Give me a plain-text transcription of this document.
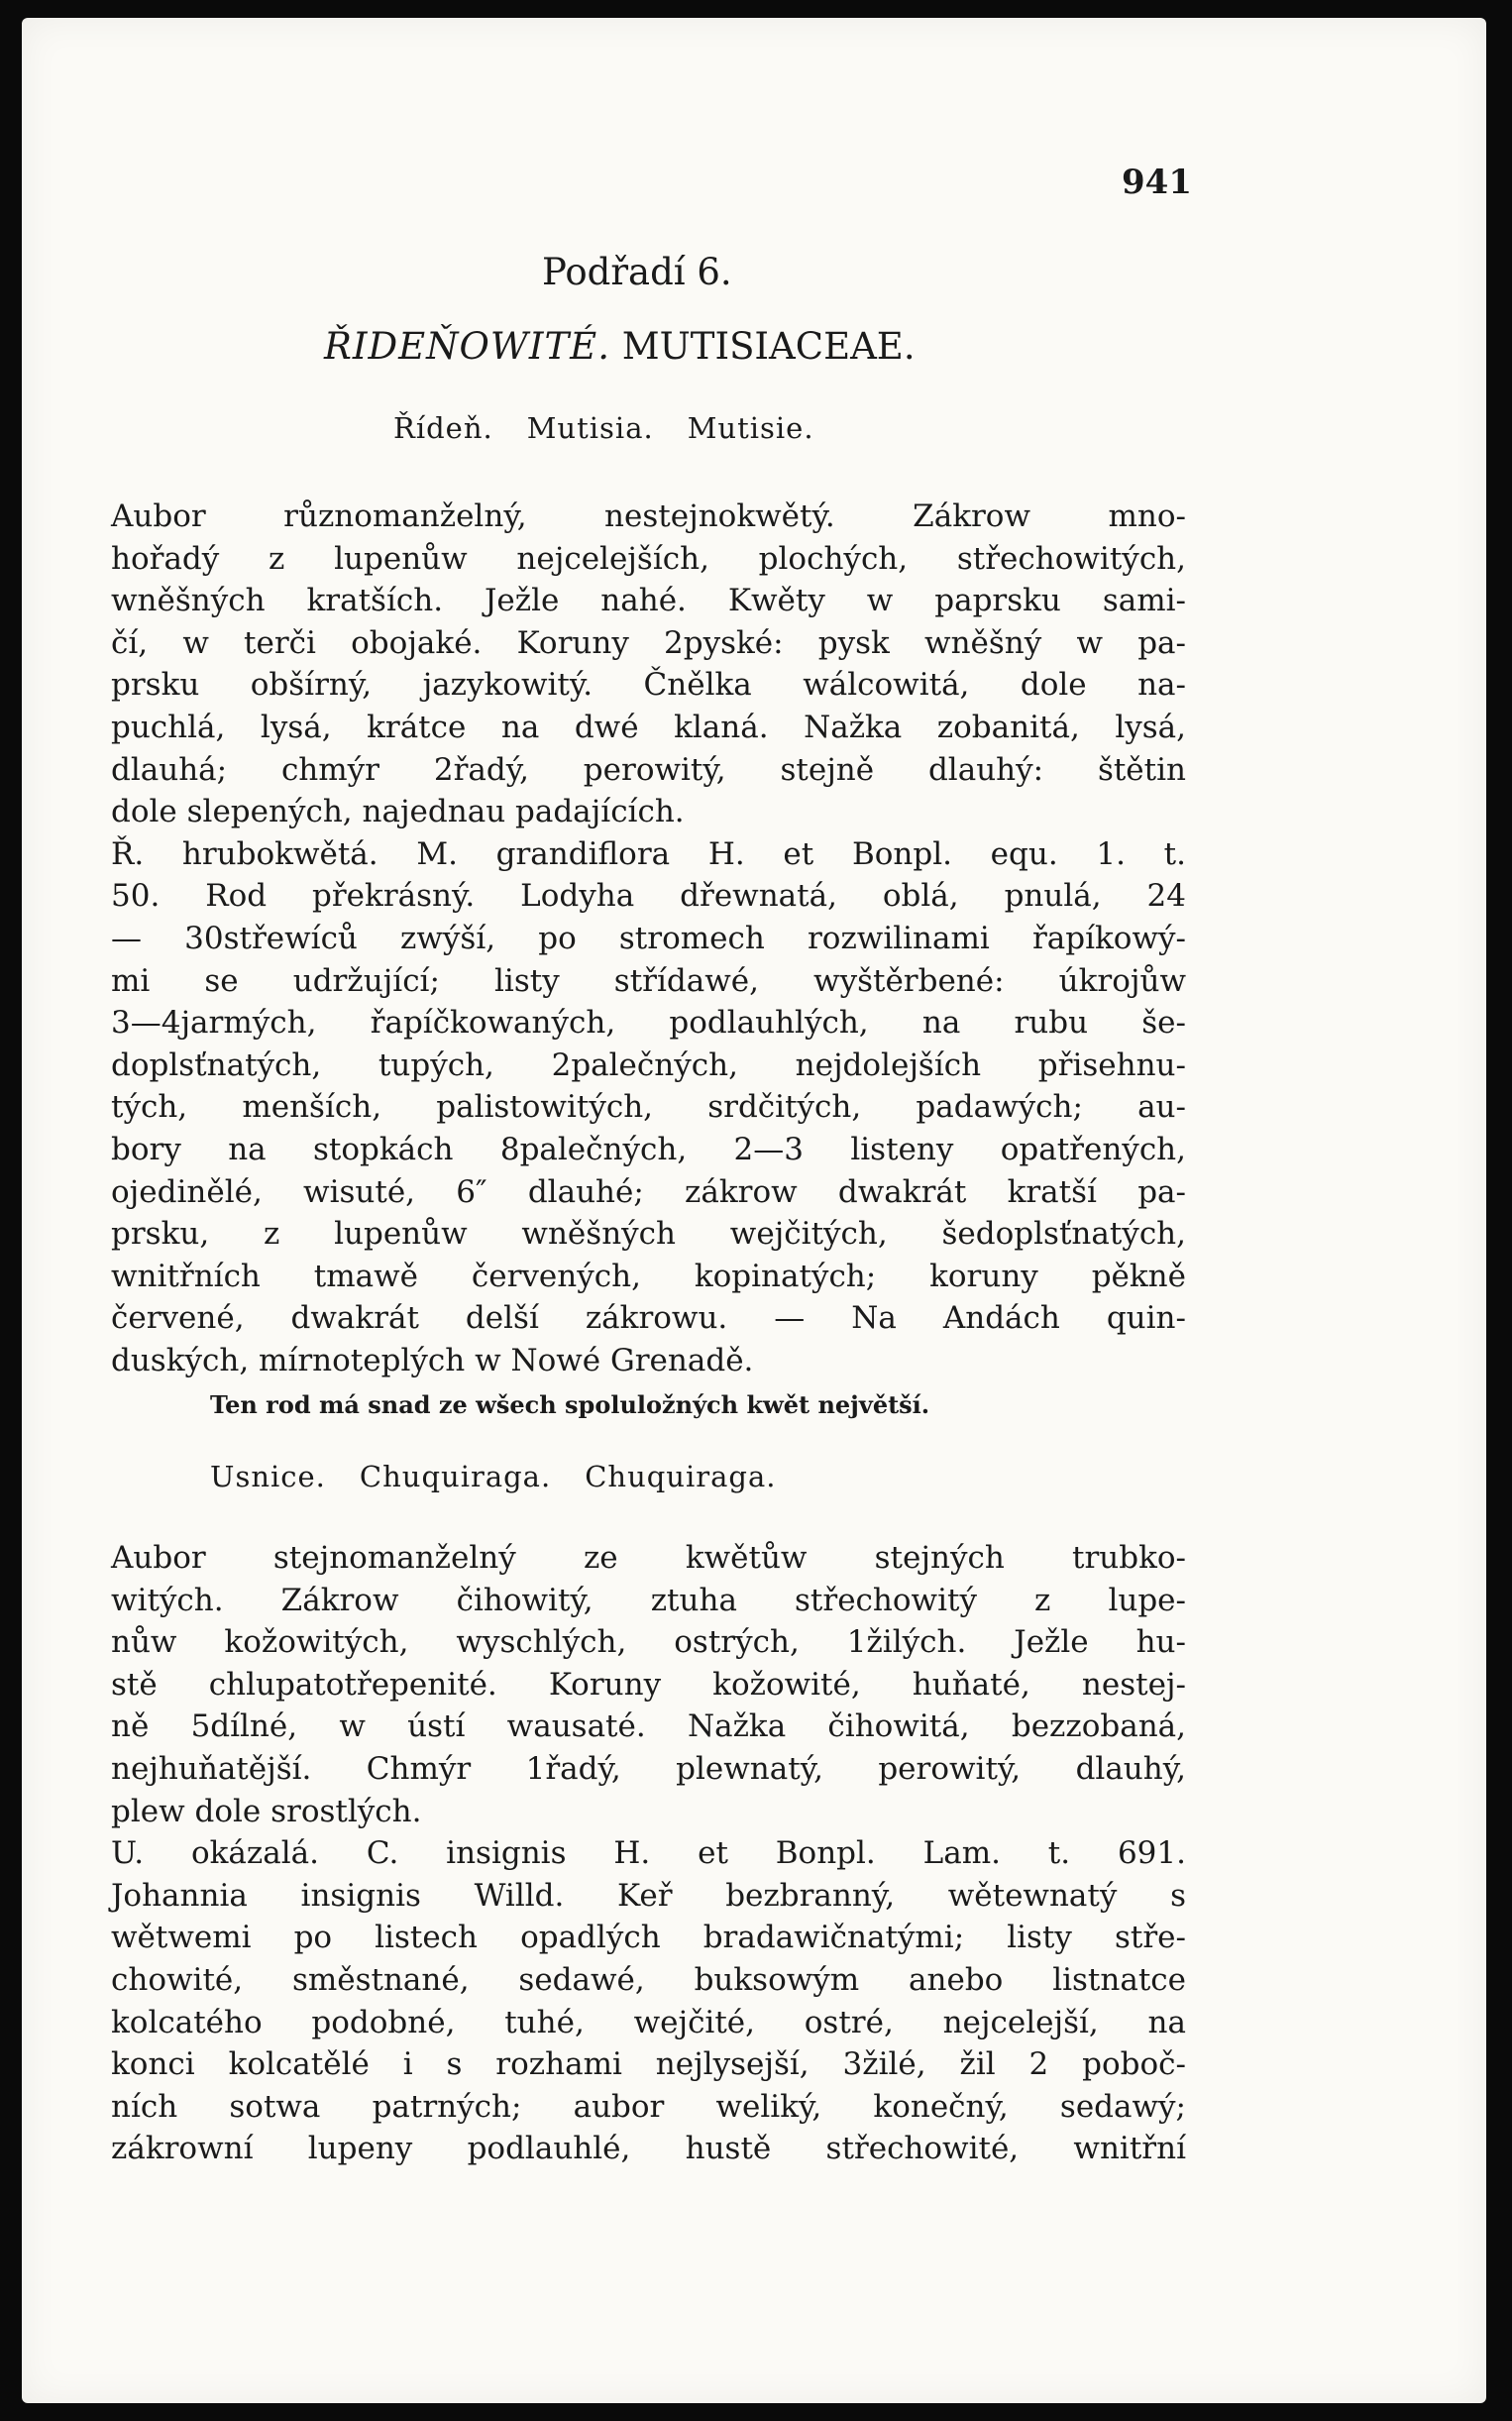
941
Podřadí 6.
ŘIDEŇOWITÉ. MUTISIACEAE.
Řídeň. Mutisia. Mutisie.
Aubor různomanželný, nestejnokwětý. Zákrow mno-
hořadý z lupenůw nejcelejších, plochých, střechowitých,
wněšných kratších. Ježle nahé. Kwěty w paprsku sami-
čí, w terči obojaké. Koruny 2pyské: pysk wněšný w pa-
prsku obšírný, jazykowitý. Čnělka wálcowitá, dole na-
puchlá, lysá, krátce na dwé klaná. Nažka zobanitá, lysá,
dlauhá; chmýr 2řadý, perowitý, stejně dlauhý: štětin
dole slepených, najednau padajících.
Ř. hrubokwětá. M. grandiflora H. et Bonpl. equ. 1. t.
50. Rod překrásný. Lodyha dřewnatá, oblá, pnulá, 24
— 30střewíců zwýší, po stromech rozwilinami řapíkowý-
mi se udržující; listy střídawé, wyštěrbené: úkrojůw
3—4jarmých, řapíčkowaných, podlauhlých, na rubu še-
doplsťnatých, tupých, 2palečných, nejdolejších přisehnu-
tých, menších, palistowitých, srdčitých, padawých; au-
bory na stopkách 8palečných, 2—3 listeny opatřených,
ojedinělé, wisuté, 6″ dlauhé; zákrow dwakrát kratší pa-
prsku, z lupenůw wněšných wejčitých, šedoplsťnatých,
wnitřních tmawě červených, kopinatých; koruny pěkně
červené, dwakrát delší zákrowu. — Na Andách quin-
duských, mírnoteplých w Nowé Grenadě.
Ten rod má snad ze wšech spoluložných kwět největší.
Usnice. Chuquiraga. Chuquiraga.
Aubor stejnomanželný ze kwětůw stejných trubko-
witých. Zákrow čihowitý, ztuha střechowitý z lupe-
nůw kožowitých, wyschlých, ostrých, 1žilých. Ježle hu-
stě chlupatotřepenité. Koruny kožowité, huňaté, nestej-
ně 5dílné, w ústí wausaté. Nažka čihowitá, bezzobaná,
nejhuňatější. Chmýr 1řadý, plewnatý, perowitý, dlauhý,
plew dole srostlých.
U. okázalá. C. insignis H. et Bonpl. Lam. t. 691.
Johannia insignis Willd. Keř bezbranný, wětewnatý s
wětwemi po listech opadlých bradawičnatými; listy stře-
chowité, směstnané, sedawé, buksowým anebo listnatce
kolcatého podobné, tuhé, wejčité, ostré, nejcelejší, na
konci kolcatělé i s rozhami nejlysejší, 3žilé, žil 2 poboč-
ních sotwa patrných; aubor weliký, konečný, sedawý;
zákrowní lupeny podlauhlé, hustě střechowité, wnitřní
